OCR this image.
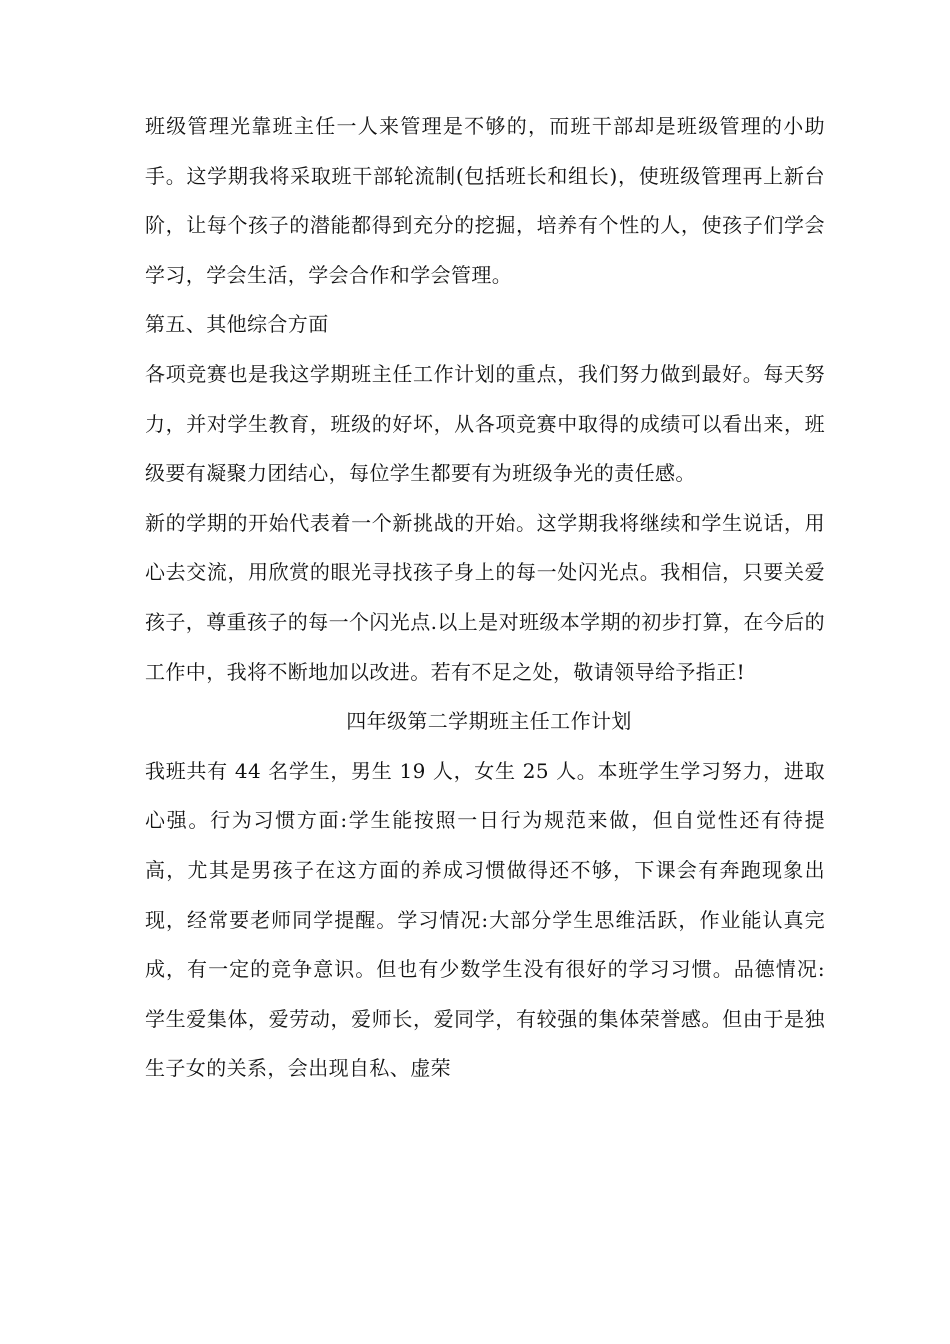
班级管理光靠班主任一人来管理是不够的，而班干部却是班级管理的小助手。这学期我将采取班干部轮流制(包括班长和组长)，使班级管理再上新台阶，让每个孩子的潜能都得到充分的挖掘，培养有个性的人，使孩子们学会学习，学会生活，学会合作和学会管理。

第五、其他综合方面

各项竞赛也是我这学期班主任工作计划的重点，我们努力做到最好。每天努力，并对学生教育，班级的好坏，从各项竞赛中取得的成绩可以看出来，班级要有凝聚力团结心，每位学生都要有为班级争光的责任感。

新的学期的开始代表着一个新挑战的开始。这学期我将继续和学生说话，用心去交流，用欣赏的眼光寻找孩子身上的每一处闪光点。我相信，只要关爱孩子，尊重孩子的每一个闪光点.以上是对班级本学期的初步打算，在今后的工作中，我将不断地加以改进。若有不足之处，敬请领导给予指正!

四年级第二学期班主任工作计划

我班共有 44 名学生，男生 19 人，女生 25 人。本班学生学习努力，进取心强。行为习惯方面:学生能按照一日行为规范来做，但自觉性还有待提高，尤其是男孩子在这方面的养成习惯做得还不够，下课会有奔跑现象出现，经常要老师同学提醒。学习情况:大部分学生思维活跃，作业能认真完成，有一定的竞争意识。但也有少数学生没有很好的学习习惯。品德情况:学生爱集体，爱劳动，爱师长，爱同学，有较强的集体荣誉感。但由于是独生子女的关系，会出现自私、虚荣
